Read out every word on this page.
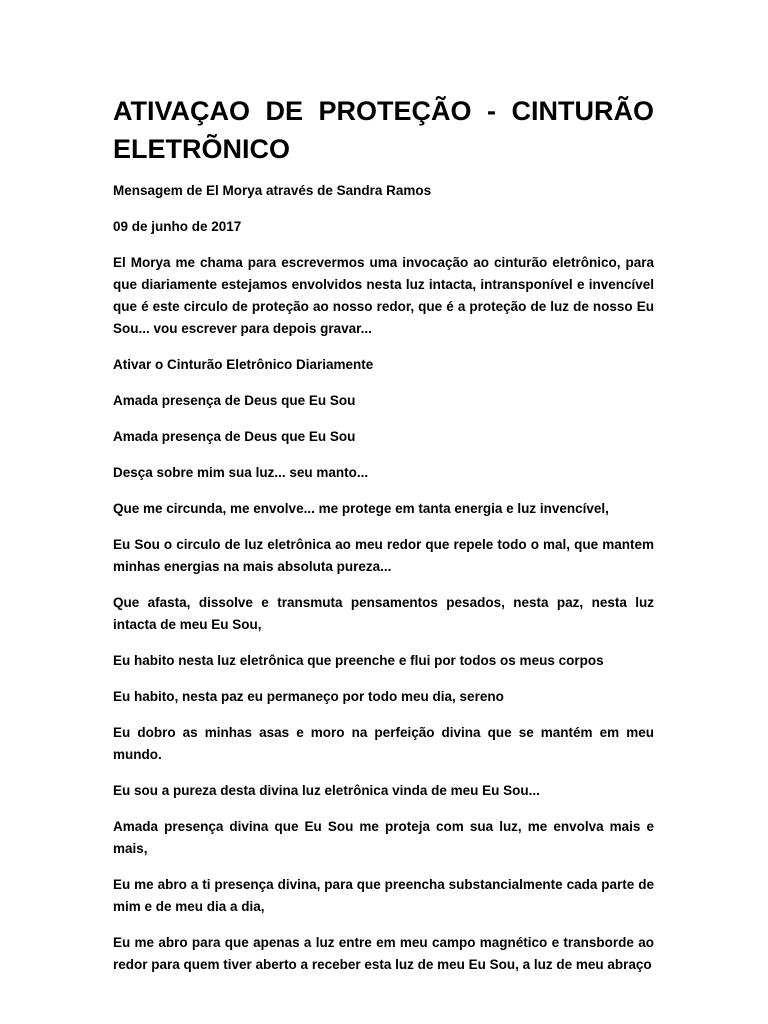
ATIVAÇAO DE PROTEÇÃO - CINTURÃO ELETRÕNICO

Mensagem de El Morya através de Sandra Ramos

09 de junho de 2017

El Morya me chama para escrevermos uma invocação ao cinturão eletrônico, para que diariamente estejamos envolvidos nesta luz intacta, intransponível e invencível que é este circulo de proteção ao nosso redor, que é a proteção de luz de nosso Eu Sou... vou escrever para depois gravar...

Ativar o Cinturão Eletrônico Diariamente

Amada presença de Deus que Eu Sou

Amada presença de Deus que Eu Sou

Desça sobre mim sua luz... seu manto...

Que me circunda, me envolve... me protege em tanta energia e luz invencível,

Eu Sou o circulo de luz eletrônica ao meu redor que repele todo o mal, que mantem minhas energias na mais absoluta pureza...

Que afasta, dissolve e transmuta pensamentos pesados, nesta paz, nesta luz intacta de meu Eu Sou,

Eu habito nesta luz eletrônica que preenche e flui por todos os meus corpos

Eu habito, nesta paz eu permaneço por todo meu dia, sereno

Eu dobro as minhas asas e moro na perfeição divina que se mantém em meu mundo.

Eu sou a pureza desta divina luz eletrônica vinda de meu Eu Sou...

Amada presença divina que Eu Sou me proteja com sua luz, me envolva mais e mais,

Eu me abro a ti presença divina, para que preencha substancialmente cada parte de mim e de meu dia a dia,

Eu me abro para que apenas a luz entre em meu campo magnético e transborde ao redor para quem tiver aberto a receber esta luz de meu Eu Sou, a luz de meu abraço
